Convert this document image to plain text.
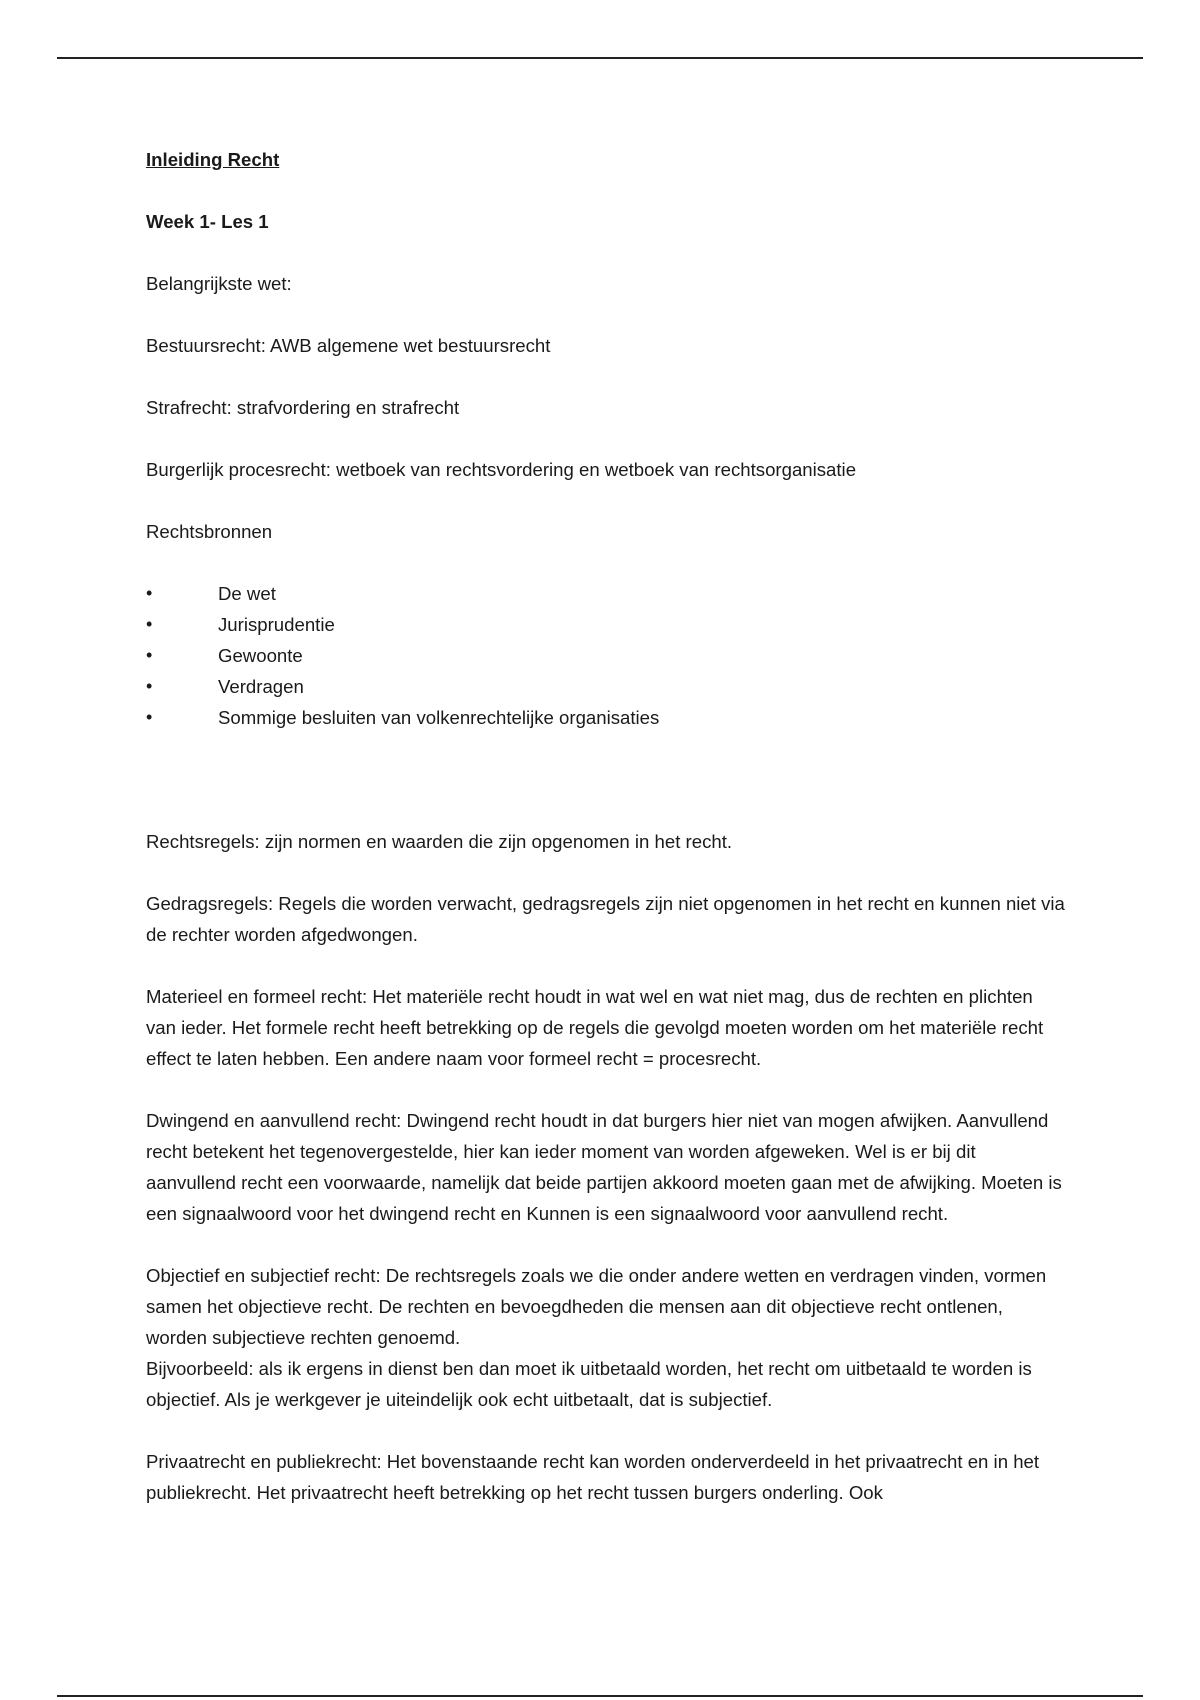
Inleiding Recht

Week 1- Les 1

Belangrijkste wet:

Bestuursrecht: AWB algemene wet bestuursrecht

Strafrecht: strafvordering en strafrecht

Burgerlijk procesrecht: wetboek van rechtsvordering en wetboek van rechtsorganisatie

Rechtsbronnen

•	De wet
•	Jurisprudentie
•	Gewoonte
•	Verdragen
•	Sommige besluiten van volkenrechtelijke organisaties

Rechtsregels: zijn normen en waarden die zijn opgenomen in het recht.

Gedragsregels: Regels die worden verwacht, gedragsregels zijn niet opgenomen in het recht en kunnen niet via de rechter worden afgedwongen.

Materieel en formeel recht: Het materiële recht houdt in wat wel en wat niet mag, dus de rechten en plichten van ieder. Het formele recht heeft betrekking op de regels die gevolgd moeten worden om het materiële recht effect te laten hebben. Een andere naam voor formeel recht = procesrecht.

Dwingend en aanvullend recht: Dwingend recht houdt in dat burgers hier niet van mogen afwijken. Aanvullend recht betekent het tegenovergestelde, hier kan ieder moment van worden afgeweken. Wel is er bij dit aanvullend recht een voorwaarde, namelijk dat beide partijen akkoord moeten gaan met de afwijking. Moeten is een signaalwoord voor het dwingend recht en Kunnen is een signaalwoord voor aanvullend recht.

Objectief en subjectief recht: De rechtsregels zoals we die onder andere wetten en verdragen vinden, vormen samen het objectieve recht. De rechten en bevoegdheden die mensen aan dit objectieve recht ontlenen, worden subjectieve rechten genoemd.

Bijvoorbeeld: als ik ergens in dienst ben dan moet ik uitbetaald worden, het recht om uitbetaald te worden is objectief. Als je werkgever je uiteindelijk ook echt uitbetaalt, dat is subjectief.

Privaatrecht en publiekrecht: Het bovenstaande recht kan worden onderverdeeld in het privaatrecht en in het publiekrecht. Het privaatrecht heeft betrekking op het recht tussen burgers onderling. Ook
